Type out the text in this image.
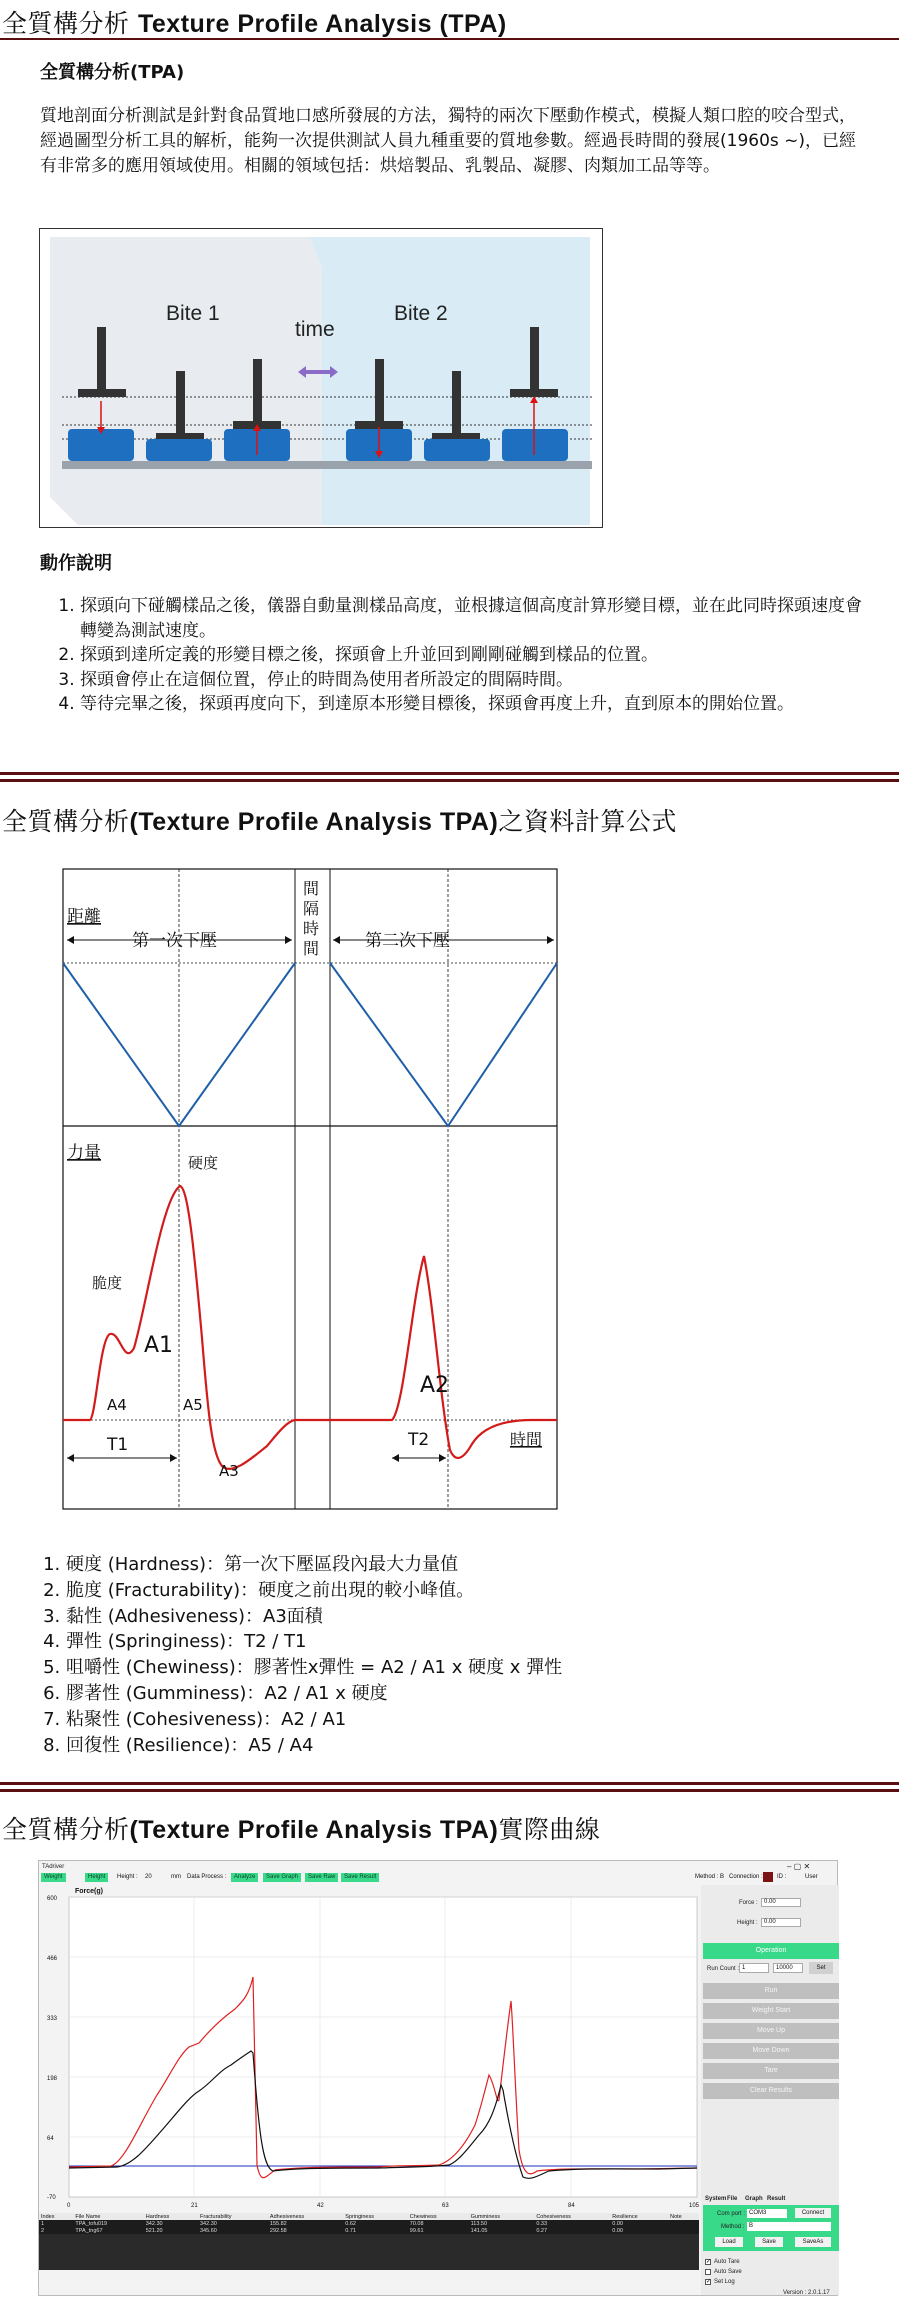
全質構分析 Texture Profile Analysis (TPA)
全質構分析(TPA)

質地剖面分析測試是針對食品質地口感所發展的方法，獨特的兩次下壓動作模式，模擬人類口腔的咬合型式，經過圖型分析工具的解析，能夠一次提供測試人員九種重要的質地參數。經過長時間的發展(1960s ~)，已經有非常多的應用領域使用。相關的領域包括：烘焙製品、乳製品、凝膠、肉類加工品等等。

Bite 1
time
Bite 2
動作說明
1. 探頭向下碰觸樣品之後，儀器自動量測樣品高度，並根據這個高度計算形變目標，並在此同時探頭速度會轉變為測試速度。
2. 探頭到達所定義的形變目標之後，探頭會上升並回到剛剛碰觸到樣品的位置。
3. 探頭會停止在這個位置，停止的時間為使用者所設定的間隔時間。
4. 等待完畢之後，探頭再度向下，到達原本形變目標後，探頭會再度上升，直到原本的開始位置。
全質構分析(Texture Profile Analysis TPA)之資料計算公式
距離
第一次下壓	第二次下壓
間
隔
時
間
力量	硬度
脆度
A1
A2
A3
A4	A5
T1	T2	時間
1. 硬度 (Hardness)：第一次下壓區段內最大力量值
2. 脆度 (Fracturability)：硬度之前出現的較小峰值。
3. 黏性 (Adhesiveness)：A3面積
4. 彈性 (Springiness)：T2 / T1
5. 咀嚼性 (Chewiness)：膠著性x彈性 = A2 / A1 x 硬度 x 彈性
6. 膠著性 (Gumminess)：A2 / A1 x 硬度
7. 粘聚性 (Cohesiveness)：A2 / A1
8. 回復性 (Resilience)：A5 / A4
全質構分析(Texture Profile Analysis TPA)實際曲線
TAdriver	– ▢ ✕
Weight	Height	Height : 20	mm Data Process :	Analyze	Save Graph	Save Raw	Save Result	Method : B Connection : ID :	User
Force(g)
600
466
333
198
64
-70
0	21	42	63	84	105
Index	File Name	Hardness	Fracturability	Adhesiveness	Springiness	Chewiness	Gumminess	Cohesiveness	Resilience	Note
1	TPA_tofu019	342.30	342.30	155.82	0.62	70.08	113.50	0.33	0.00	
2	TPA_tng67	521.20	345.60	292.58	0.71	99.61	141.05	0.27	0.00	

Force :	0.00
Height :	0.00
Operation
Run Count : 1	10000	Set
Run
Weight Start
Move Up
Move Down
Tare
Clear Results
System File Graph Result
Com port : COM3	Connect
Method : B
Load	Save	SaveAs
✓ Auto Tare
Auto Save
✓ Set Log
Version : 2.0.1.17
